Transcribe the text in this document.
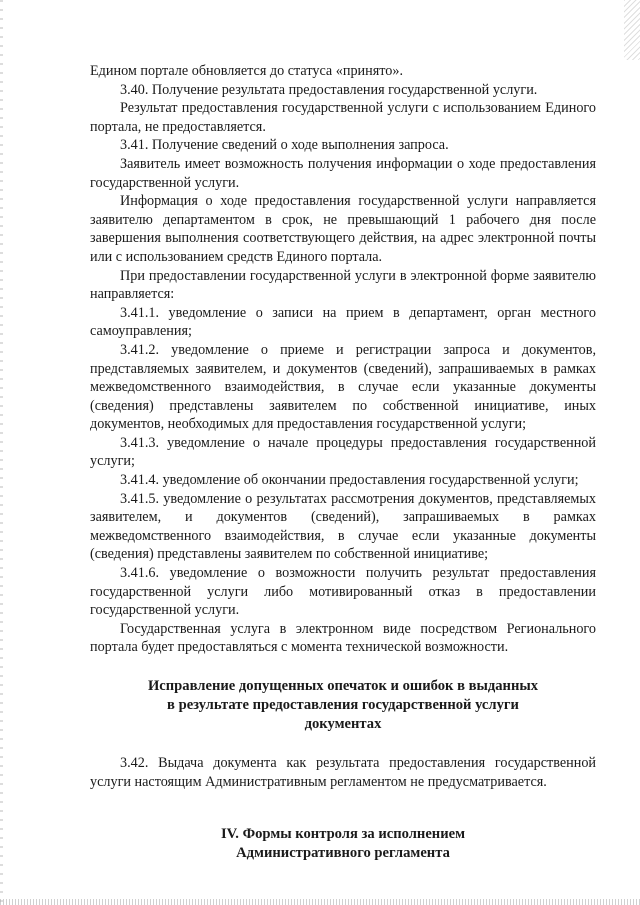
Едином портале обновляется до статуса «принято».

3.40. Получение результата предоставления государственной услуги.

Результат предоставления государственной услуги с использованием Единого портала, не предоставляется.

3.41. Получение сведений о ходе выполнения запроса.

Заявитель имеет возможность получения информации о ходе предоставления государственной услуги.

Информация о ходе предоставления государственной услуги направляется заявителю департаментом в срок, не превышающий 1 рабочего дня после завершения выполнения соответствующего действия, на адрес электронной почты или с использованием средств Единого портала.

При предоставлении государственной услуги в электронной форме заявителю направляется:

3.41.1. уведомление о записи на прием в департамент, орган местного самоуправления;

3.41.2. уведомление о приеме и регистрации запроса и документов, представляемых заявителем, и документов (сведений), запрашиваемых в рамках межведомственного взаимодействия, в случае если указанные документы (сведения) представлены заявителем по собственной инициативе, иных документов, необходимых для предоставления государственной услуги;

3.41.3. уведомление о начале процедуры предоставления государственной услуги;

3.41.4. уведомление об окончании предоставления государственной услуги;

3.41.5. уведомление о результатах рассмотрения документов, представляемых заявителем, и документов (сведений), запрашиваемых в рамках межведомственного взаимодействия, в случае если указанные документы (сведения) представлены заявителем по собственной инициативе;

3.41.6. уведомление о возможности получить результат предоставления государственной услуги либо мотивированный отказ в предоставлении государственной услуги.

Государственная услуга в электронном виде посредством Регионального портала будет предоставляться с момента технической возможности.

Исправление допущенных опечаток и ошибок в выданных

в результате предоставления государственной услуги

документах

3.42. Выдача документа как результата предоставления государственной услуги настоящим Административным регламентом не предусматривается.

IV. Формы контроля за исполнением

Административного регламента
